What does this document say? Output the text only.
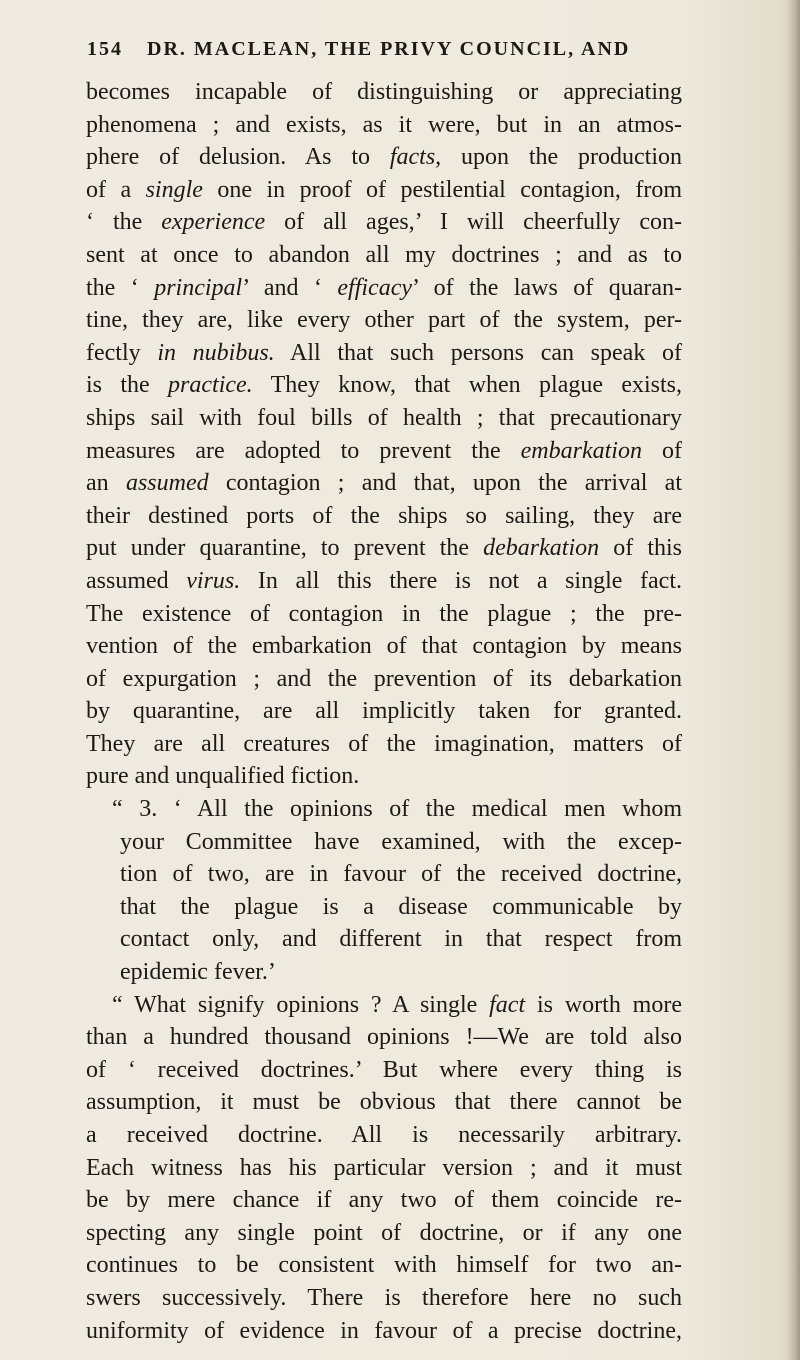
154 DR. MACLEAN, THE PRIVY COUNCIL, AND
becomes incapable of distinguishing or appreciating
phenomena ; and exists, as it were, but in an atmos-
phere of delusion. As to facts, upon the production
of a single one in proof of pestilential contagion, from
‘ the experience of all ages,’ I will cheerfully con-
sent at once to abandon all my doctrines ; and as to
the ‘ principal’ and ‘ efficacy’ of the laws of quaran-
tine, they are, like every other part of the system, per-
fectly in nubibus. All that such persons can speak of
is the practice. They know, that when plague exists,
ships sail with foul bills of health ; that precautionary
measures are adopted to prevent the embarkation of
an assumed contagion ; and that, upon the arrival at
their destined ports of the ships so sailing, they are
put under quarantine, to prevent the debarkation of this
assumed virus. In all this there is not a single fact.
The existence of contagion in the plague ; the pre-
vention of the embarkation of that contagion by means
of expurgation ; and the prevention of its debarkation
by quarantine, are all implicitly taken for granted.
They are all creatures of the imagination, matters of
pure and unqualified fiction.
“ 3. ‘ All the opinions of the medical men whom
your Committee have examined, with the excep-
tion of two, are in favour of the received doctrine,
that the plague is a disease communicable by
contact only, and different in that respect from
epidemic fever.’
“ What signify opinions ? A single fact is worth more
than a hundred thousand opinions !—We are told also
of ‘ received doctrines.’ But where every thing is
assumption, it must be obvious that there cannot be
a received doctrine. All is necessarily arbitrary.
Each witness has his particular version ; and it must
be by mere chance if any two of them coincide re-
specting any single point of doctrine, or if any one
continues to be consistent with himself for two an-
swers successively. There is therefore here no such
uniformity of evidence in favour of a precise doctrine,
